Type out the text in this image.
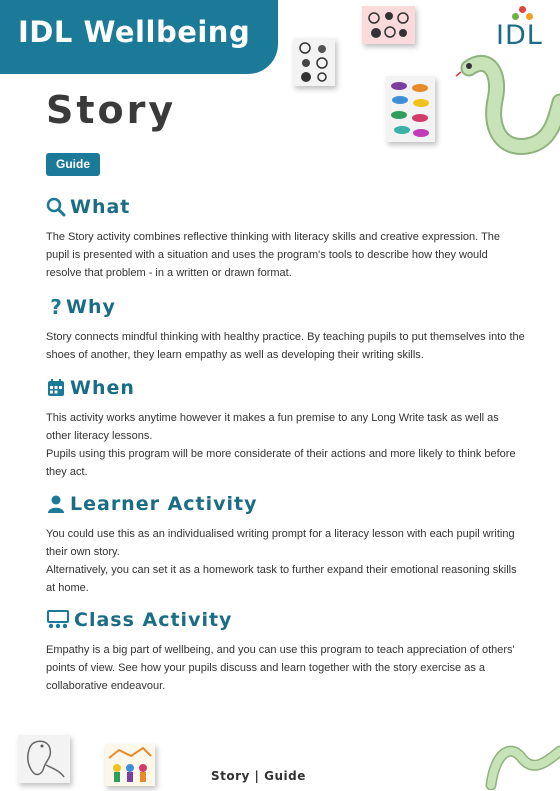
IDL Wellbeing	IDL
Story
Guide
What

The Story activity combines reflective thinking with literacy skills and creative expression. The pupil is presented with a situation and uses the program's tools to describe how they would resolve that problem - in a written or drawn format.

? Why

Story connects mindful thinking with healthy practice. By teaching pupils to put themselves into the shoes of another, they learn empathy as well as developing their writing skills.

When

This activity works anytime however it makes a fun premise to any Long Write task as well as other literacy lessons.

Pupils using this program will be more considerate of their actions and more likely to think before they act.

Learner Activity

You could use this as an individualised writing prompt for a literacy lesson with each pupil writing their own story.

Alternatively, you can set it as a homework task to further expand their emotional reasoning skills at home.

Class Activity

Empathy is a big part of wellbeing, and you can use this program to teach appreciation of others' points of view. See how your pupils discuss and learn together with the story exercise as a collaborative endeavour.

Story | Guide
